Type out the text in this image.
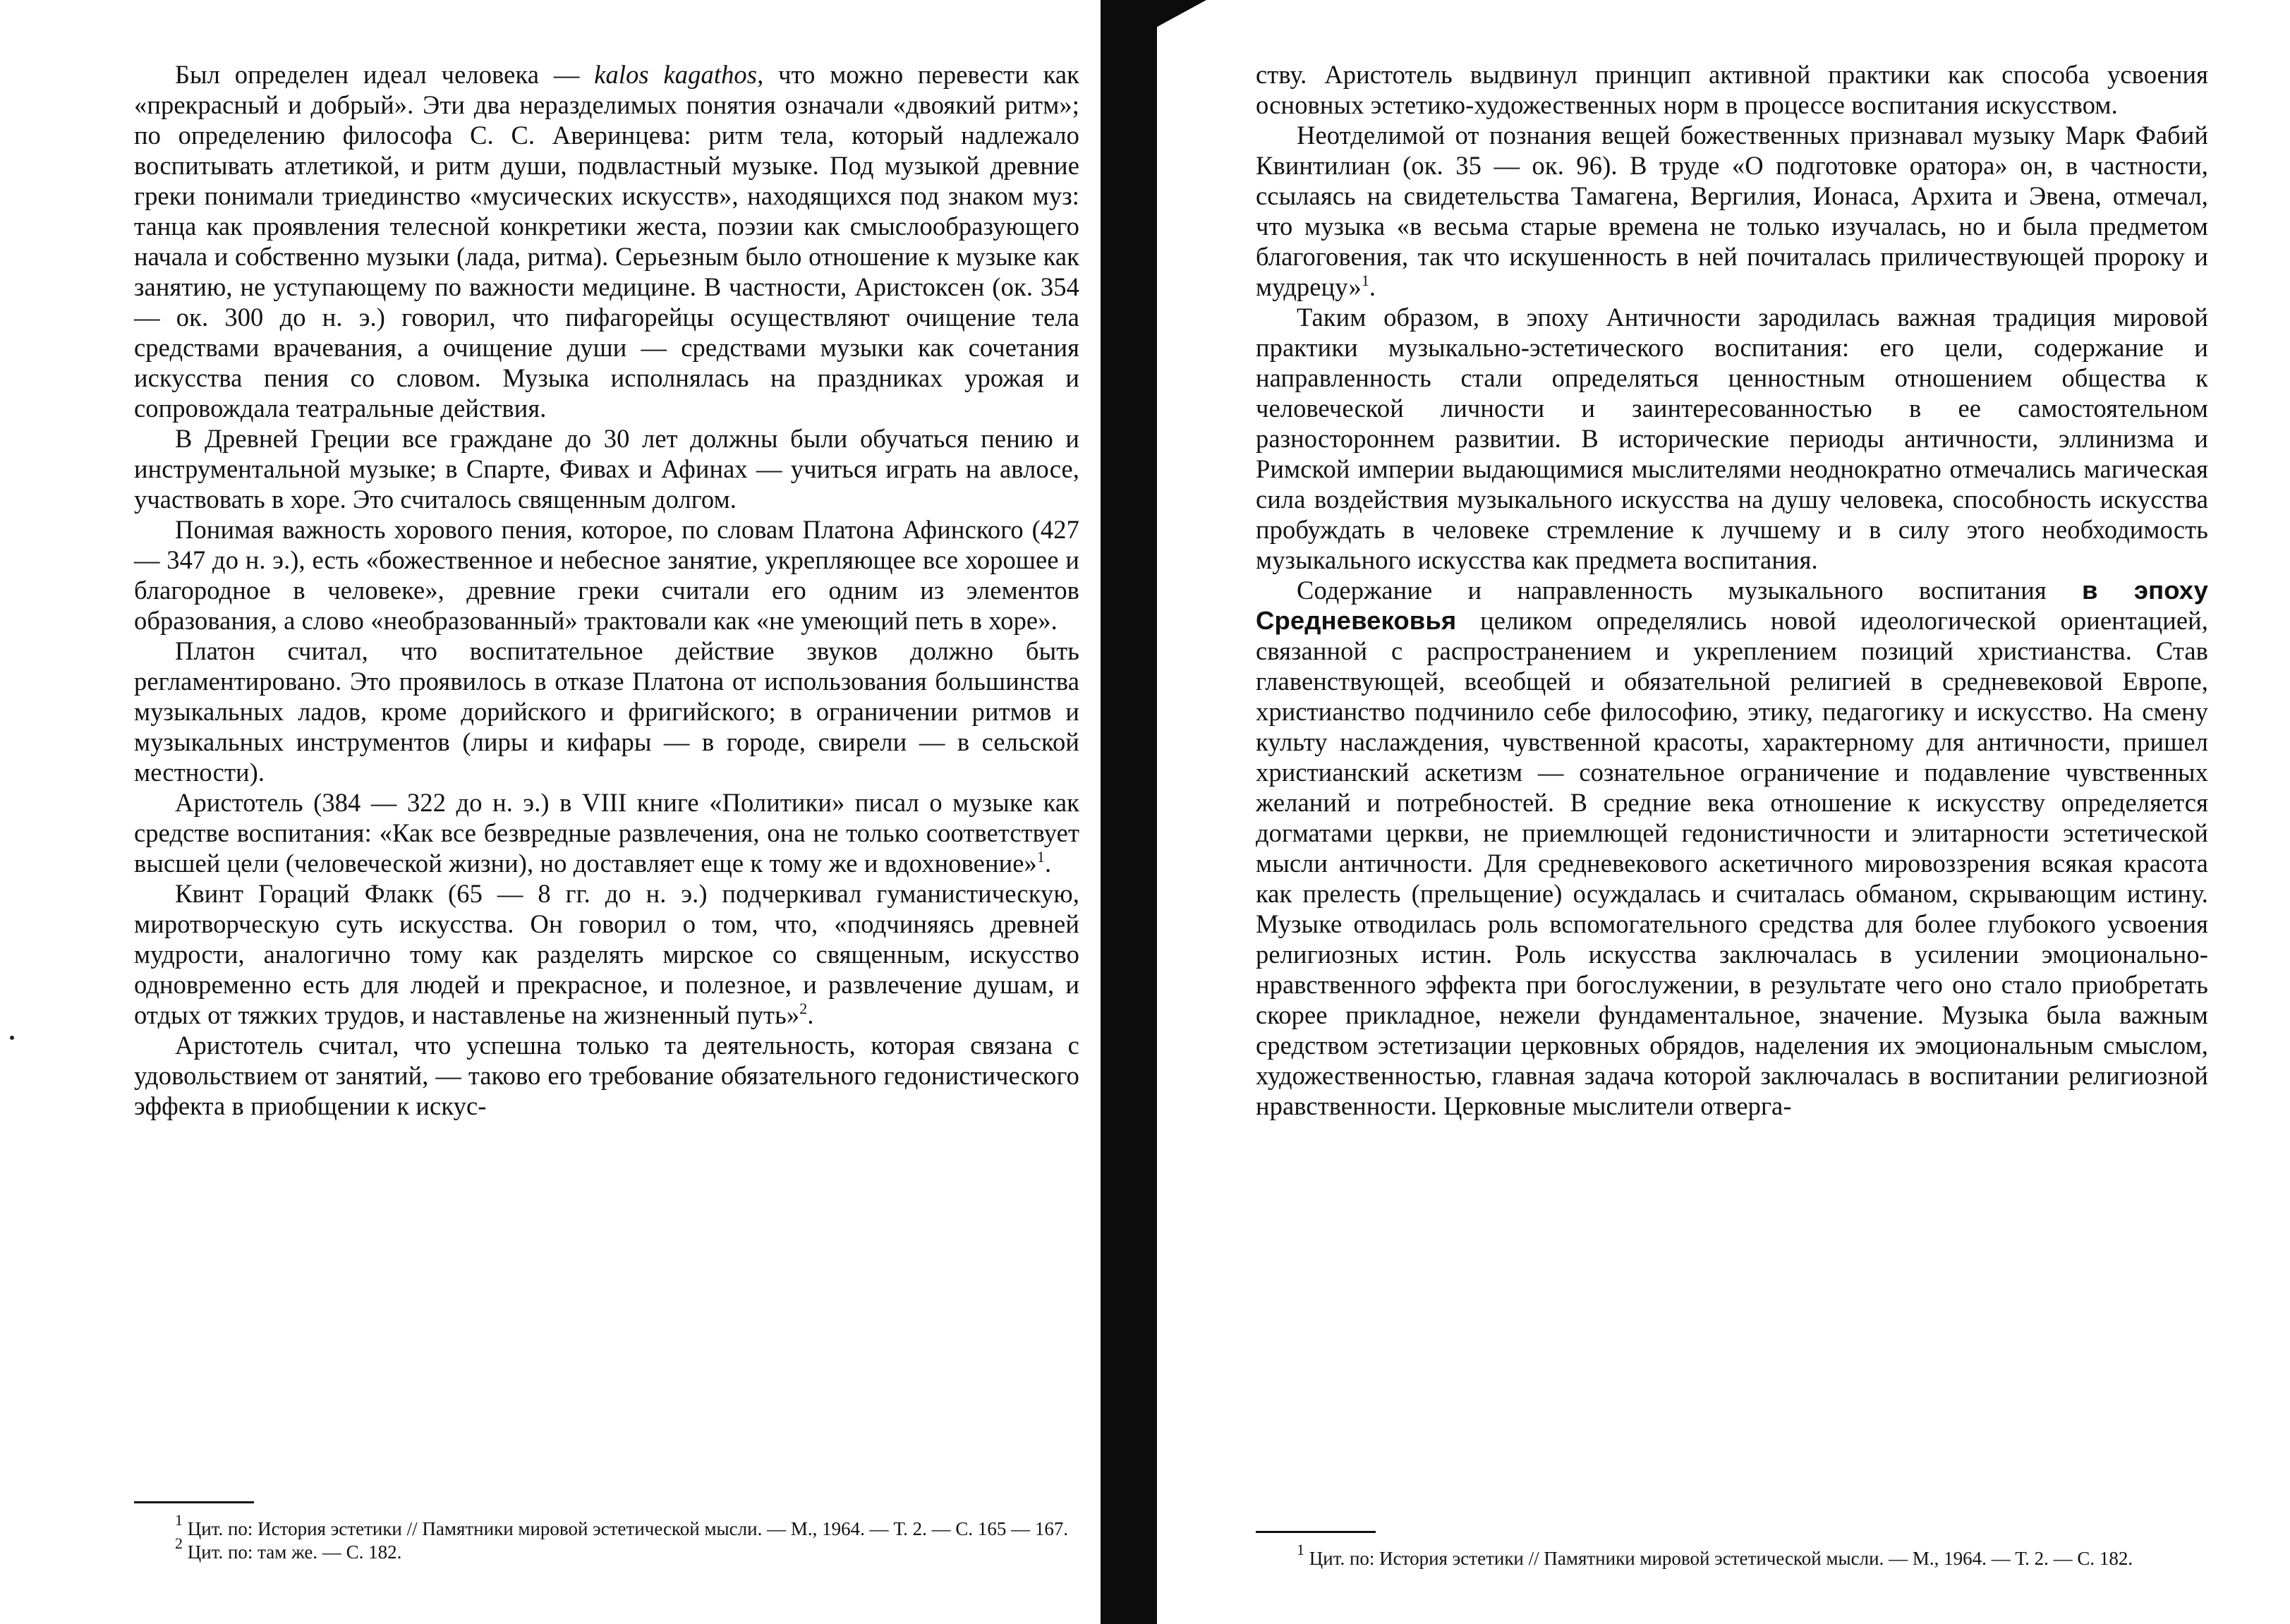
Был определен идеал человека — kalos kagathos, что можно перевести как «прекрасный и добрый». Эти два неразделимых понятия означали «двоякий ритм»; по определению философа С. С. Аверинцева: ритм тела, который надлежало воспитывать атлетикой, и ритм души, подвластный музыке. Под музыкой древние греки понимали триединство «мусических искусств», находящихся под знаком муз: танца как проявления телесной конкретики жеста, поэзии как смыслообразующего начала и собственно музыки (лада, ритма). Серьезным было отношение к музыке как занятию, не уступающему по важности медицине. В частности, Аристоксен (ок. 354 — ок. 300 до н. э.) говорил, что пифагорейцы осуществляют очищение тела средствами врачевания, а очищение души — средствами музыки как сочетания искусства пения со словом. Музыка исполнялась на праздниках урожая и сопровождала театральные действия.

В Древней Греции все граждане до 30 лет должны были обучаться пению и инструментальной музыке; в Спарте, Фивах и Афинах — учиться играть на авлосе, участвовать в хоре. Это считалось священным долгом.

Понимая важность хорового пения, которое, по словам Платона Афинского (427 — 347 до н. э.), есть «божественное и небесное занятие, укрепляющее все хорошее и благородное в человеке», древние греки считали его одним из элементов образования, а слово «необразованный» трактовали как «не умеющий петь в хоре».

Платон считал, что воспитательное действие звуков должно быть регламентировано. Это проявилось в отказе Платона от использования большинства музыкальных ладов, кроме дорийского и фригийского; в ограничении ритмов и музыкальных инструментов (лиры и кифары — в городе, свирели — в сельской местности).

Аристотель (384 — 322 до н. э.) в VIII книге «Политики» писал о музыке как средстве воспитания: «Как все безвредные развлечения, она не только соответствует высшей цели (человеческой жизни), но доставляет еще к тому же и вдохновение»$^1$.

Квинт Гораций Флакк (65 — 8 гг. до н. э.) подчеркивал гуманистическую, миротворческую суть искусства. Он говорил о том, что, «подчиняясь древней мудрости, аналогично тому как разделять мирское со священным, искусство одновременно есть для людей и прекрасное, и полезное, и развлечение душам, и отдых от тяжких трудов, и наставленье на жизненный путь»$^2$.

Аристотель считал, что успешна только та деятельность, которая связана с удовольствием от занятий, — таково его требование обязательного гедонистического эффекта в приобщении к искус-

$^1$ Цит. по: История эстетики // Памятники мировой эстетической мысли. — М., 1964. — Т. 2. — С. 165 — 167.

$^2$ Цит. по: там же. — С. 182.

ству. Аристотель выдвинул принцип активной практики как способа усвоения основных эстетико-художественных норм в процессе воспитания искусством.

Неотделимой от познания вещей божественных признавал музыку Марк Фабий Квинтилиан (ок. 35 — ок. 96). В труде «О подготовке оратора» он, в частности, ссылаясь на свидетельства Тамагена, Вергилия, Ионаса, Архита и Эвена, отмечал, что музыка «в весьма старые времена не только изучалась, но и была предметом благоговения, так что искушенность в ней почиталась приличествующей пророку и мудрецу»$^1$.

Таким образом, в эпоху Античности зародилась важная традиция мировой практики музыкально-эстетического воспитания: его цели, содержание и направленность стали определяться ценностным отношением общества к человеческой личности и заинтересованностью в ее самостоятельном разностороннем развитии. В исторические периоды античности, эллинизма и Римской империи выдающимися мыслителями неоднократно отмечались магическая сила воздействия музыкального искусства на душу человека, способность искусства пробуждать в человеке стремление к лучшему и в силу этого необходимость музыкального искусства как предмета воспитания.

Содержание и направленность музыкального воспитания в эпоху Средневековья целиком определялись новой идеологической ориентацией, связанной с распространением и укреплением позиций христианства. Став главенствующей, всеобщей и обязательной религией в средневековой Европе, христианство подчинило себе философию, этику, педагогику и искусство. На смену культу наслаждения, чувственной красоты, характерному для античности, пришел христианский аскетизм — сознательное ограничение и подавление чувственных желаний и потребностей. В средние века отношение к искусству определяется догматами церкви, не приемлющей гедонистичности и элитарности эстетической мысли античности. Для средневекового аскетичного мировоззрения всякая красота как прелесть (прельщение) осуждалась и считалась обманом, скрывающим истину. Музыке отводилась роль вспомогательного средства для более глубокого усвоения религиозных истин. Роль искусства заключалась в усилении эмоционально-нравственного эффекта при богослужении, в результате чего оно стало приобретать скорее прикладное, нежели фундаментальное, значение. Музыка была важным средством эстетизации церковных обрядов, наделения их эмоциональным смыслом, художественностью, главная задача которой заключалась в воспитании религиозной нравственности. Церковные мыслители отверга-

$^1$ Цит. по: История эстетики // Памятники мировой эстетической мысли. — М., 1964. — Т. 2. — С. 182.
